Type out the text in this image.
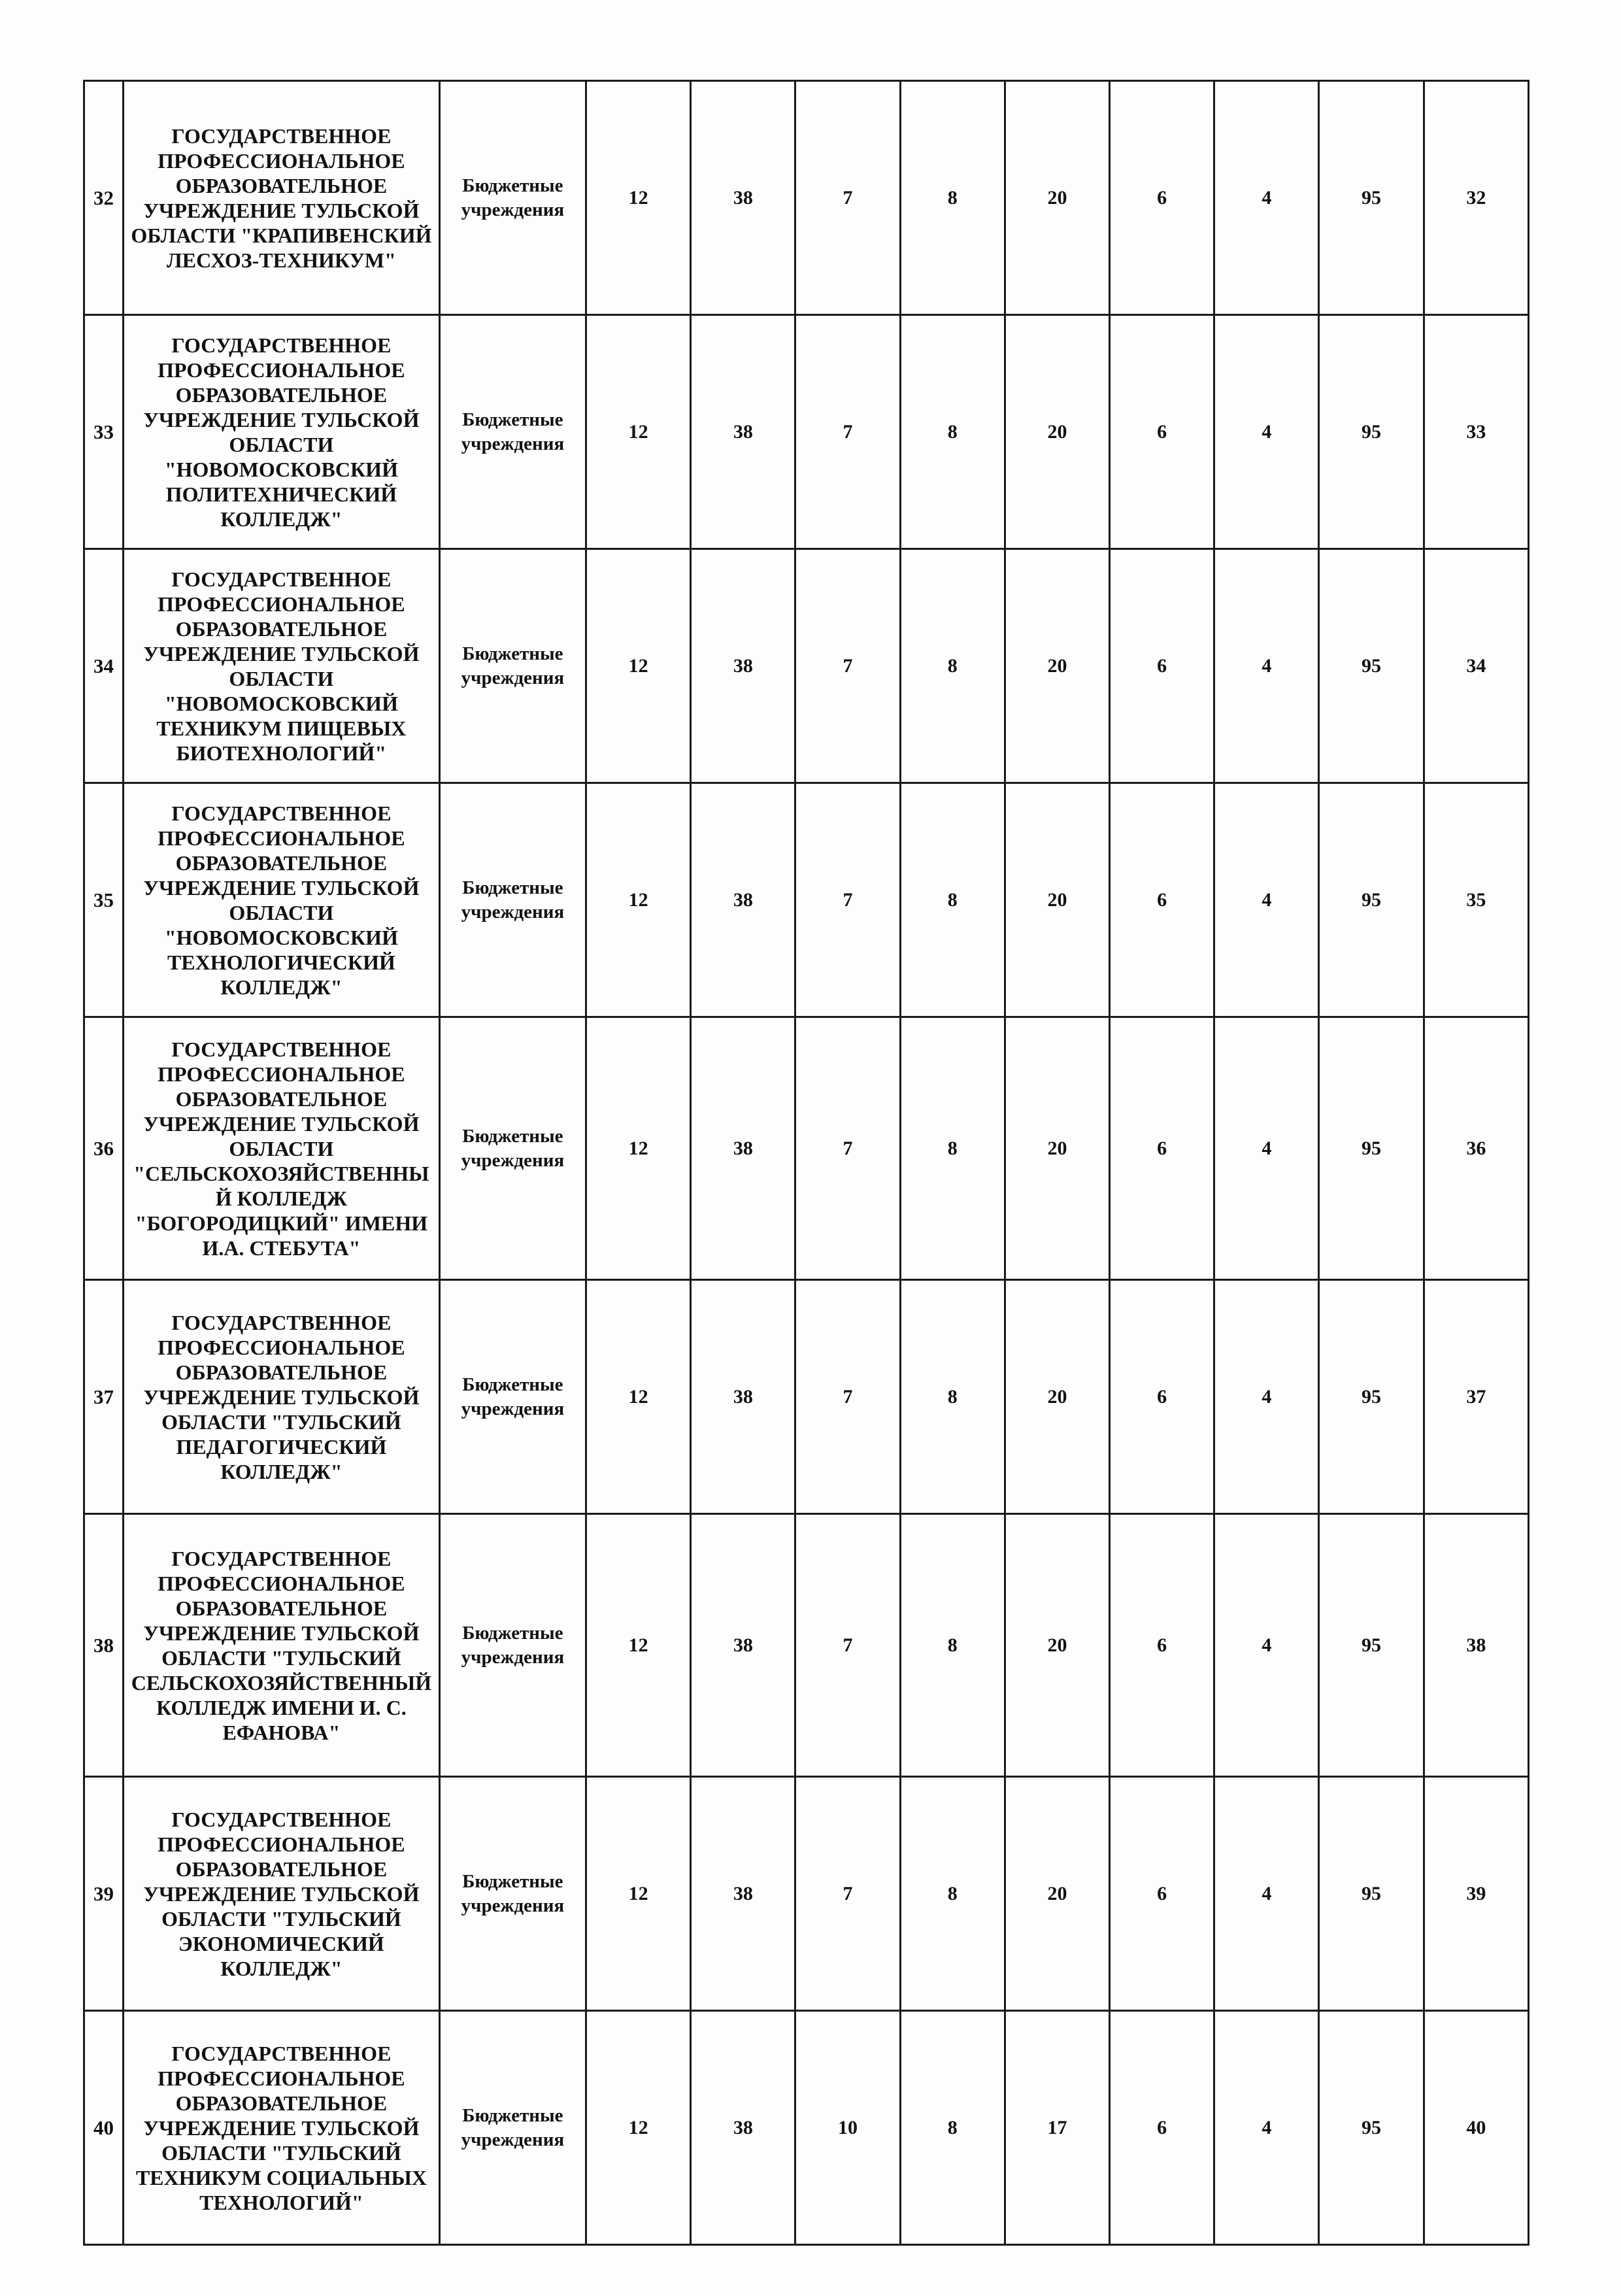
32	ГОСУДАРСТВЕННОЕ ПРОФЕССИОНАЛЬНОЕ ОБРАЗОВАТЕЛЬНОЕ УЧРЕЖДЕНИЕ ТУЛЬСКОЙ ОБЛАСТИ "КРАПИВЕНСКИЙ ЛЕСХОЗ-ТЕХНИКУМ"	Бюджетные учреждения	12	38	7	8	20	6	4	95	32
33	ГОСУДАРСТВЕННОЕ ПРОФЕССИОНАЛЬНОЕ ОБРАЗОВАТЕЛЬНОЕ УЧРЕЖДЕНИЕ ТУЛЬСКОЙ ОБЛАСТИ "НОВОМОСКОВСКИЙ ПОЛИТЕХНИЧЕСКИЙ КОЛЛЕДЖ"	Бюджетные учреждения	12	38	7	8	20	6	4	95	33
34	ГОСУДАРСТВЕННОЕ ПРОФЕССИОНАЛЬНОЕ ОБРАЗОВАТЕЛЬНОЕ УЧРЕЖДЕНИЕ ТУЛЬСКОЙ ОБЛАСТИ "НОВОМОСКОВСКИЙ ТЕХНИКУМ ПИЩЕВЫХ БИОТЕХНОЛОГИЙ"	Бюджетные учреждения	12	38	7	8	20	6	4	95	34
35	ГОСУДАРСТВЕННОЕ ПРОФЕССИОНАЛЬНОЕ ОБРАЗОВАТЕЛЬНОЕ УЧРЕЖДЕНИЕ ТУЛЬСКОЙ ОБЛАСТИ "НОВОМОСКОВСКИЙ ТЕХНОЛОГИЧЕСКИЙ КОЛЛЕДЖ"	Бюджетные учреждения	12	38	7	8	20	6	4	95	35
36	ГОСУДАРСТВЕННОЕ ПРОФЕССИОНАЛЬНОЕ ОБРАЗОВАТЕЛЬНОЕ УЧРЕЖДЕНИЕ ТУЛЬСКОЙ ОБЛАСТИ "СЕЛЬСКОХОЗЯЙСТВЕННЫЙ КОЛЛЕДЖ "БОГОРОДИЦКИЙ" ИМЕНИ И.А. СТЕБУТА"	Бюджетные учреждения	12	38	7	8	20	6	4	95	36
37	ГОСУДАРСТВЕННОЕ ПРОФЕССИОНАЛЬНОЕ ОБРАЗОВАТЕЛЬНОЕ УЧРЕЖДЕНИЕ ТУЛЬСКОЙ ОБЛАСТИ "ТУЛЬСКИЙ ПЕДАГОГИЧЕСКИЙ КОЛЛЕДЖ"	Бюджетные учреждения	12	38	7	8	20	6	4	95	37
38	ГОСУДАРСТВЕННОЕ ПРОФЕССИОНАЛЬНОЕ ОБРАЗОВАТЕЛЬНОЕ УЧРЕЖДЕНИЕ ТУЛЬСКОЙ ОБЛАСТИ "ТУЛЬСКИЙ СЕЛЬСКОХОЗЯЙСТВЕННЫЙ КОЛЛЕДЖ ИМЕНИ И. С. ЕФАНОВА"	Бюджетные учреждения	12	38	7	8	20	6	4	95	38
39	ГОСУДАРСТВЕННОЕ ПРОФЕССИОНАЛЬНОЕ ОБРАЗОВАТЕЛЬНОЕ УЧРЕЖДЕНИЕ ТУЛЬСКОЙ ОБЛАСТИ "ТУЛЬСКИЙ ЭКОНОМИЧЕСКИЙ КОЛЛЕДЖ"	Бюджетные учреждения	12	38	7	8	20	6	4	95	39
40	ГОСУДАРСТВЕННОЕ ПРОФЕССИОНАЛЬНОЕ ОБРАЗОВАТЕЛЬНОЕ УЧРЕЖДЕНИЕ ТУЛЬСКОЙ ОБЛАСТИ "ТУЛЬСКИЙ ТЕХНИКУМ СОЦИАЛЬНЫХ ТЕХНОЛОГИЙ"	Бюджетные учреждения	12	38	10	8	17	6	4	95	40
